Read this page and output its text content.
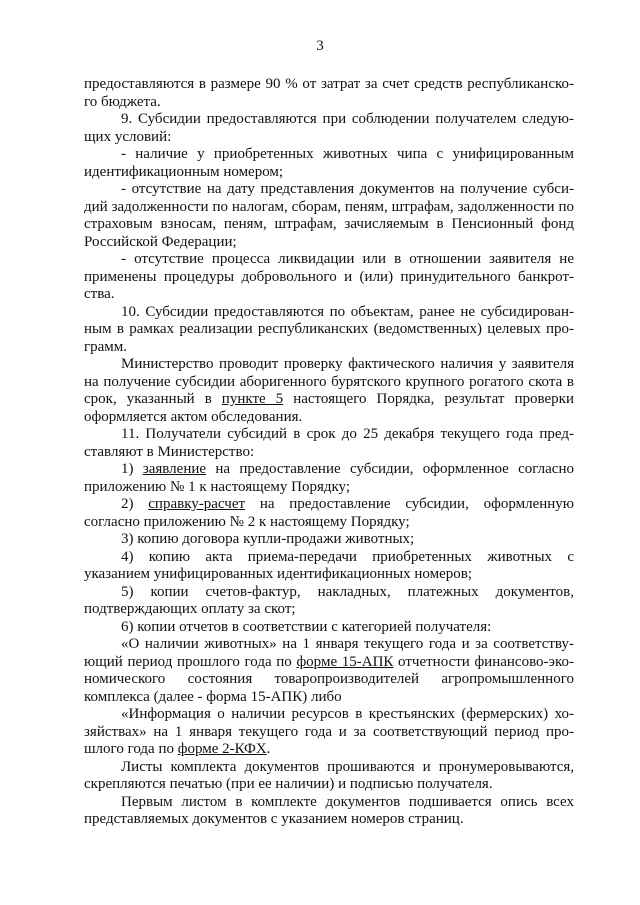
3

предоставляются в размере 90 % от затрат за счет средств республиканско-го бюджета.

9. Субсидии предоставляются при соблюдении получателем следую-щих условий:

- наличие у приобретенных животных чипа с унифицированным идентификационным номером;

- отсутствие на дату представления документов на получение субси-дий задолженности по налогам, сборам, пеням, штрафам, задолженности по страховым взносам, пеням, штрафам, зачисляемым в Пенсионный фонд Российской Федерации;

- отсутствие процесса ликвидации или в отношении заявителя не применены процедуры добровольного и (или) принудительного банкрот-ства.

10. Субсидии предоставляются по объектам, ранее не субсидирован-ным в рамках реализации республиканских (ведомственных) целевых про-грамм.

Министерство проводит проверку фактического наличия у заявителя на получение субсидии аборигенного бурятского крупного рогатого скота в срок, указанный в пункте 5 настоящего Порядка, результат проверки оформляется актом обследования.

11. Получатели субсидий в срок до 25 декабря текущего года пред-ставляют в Министерство:

1) заявление на предоставление субсидии, оформленное согласно приложению № 1 к настоящему Порядку;

2) справку-расчет на предоставление субсидии, оформленную согласно приложению № 2 к настоящему Порядку;

3) копию договора купли-продажи животных;

4) копию акта приема-передачи приобретенных животных с указанием унифицированных идентификационных номеров;

5) копии счетов-фактур, накладных, платежных документов, подтверждающих оплату за скот;

6) копии отчетов в соответствии с категорией получателя:

«О наличии животных» на 1 января текущего года и за соответству-ющий период прошлого года по форме 15-АПК отчетности финансово-эко-номического состояния товаропроизводителей агропромышленного комплекса (далее - форма 15-АПК) либо

«Информация о наличии ресурсов в крестьянских (фермерских) хо-зяйствах» на 1 января текущего года и за соответствующий период про-шлого года по форме 2-КФХ.

Листы комплекта документов прошиваются и пронумеровываются, скрепляются печатью (при ее наличии) и подписью получателя.

Первым листом в комплекте документов подшивается опись всех представляемых документов с указанием номеров страниц.
